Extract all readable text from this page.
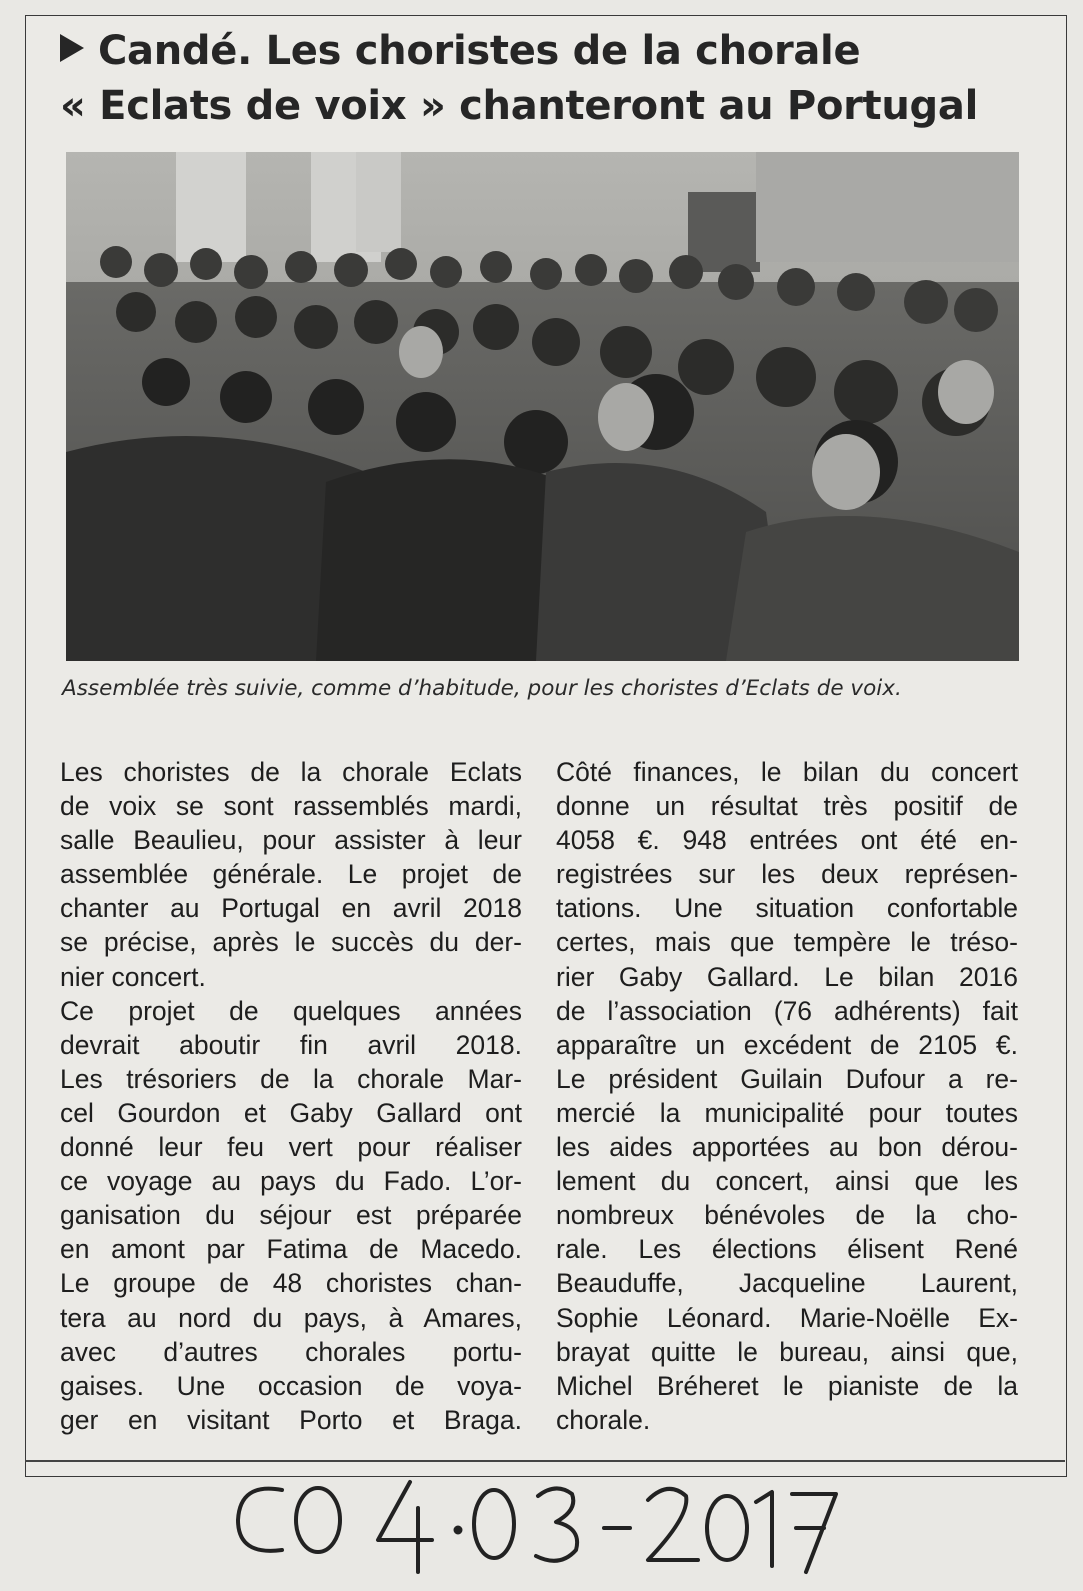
Candé. Les choristes de la chorale
« Eclats de voix » chanteront au Portugal
Assemblée très suivie, comme d’habitude, pour les choristes d’Eclats de voix.
Les choristes de la chorale Eclats
de voix se sont rassemblés mardi,
salle Beaulieu, pour assister à leur
assemblée générale. Le projet de
chanter au Portugal en avril 2018
se précise, après le succès du der-
nier concert.
Ce projet de quelques années
devrait aboutir fin avril 2018.
Les trésoriers de la chorale Mar-
cel Gourdon et Gaby Gallard ont
donné leur feu vert pour réaliser
ce voyage au pays du Fado. L’or-
ganisation du séjour est préparée
en amont par Fatima de Macedo.
Le groupe de 48 choristes chan-
tera au nord du pays, à Amares,
avec d’autres chorales portu-
gaises. Une occasion de voya-
ger en visitant Porto et Braga.
Côté finances, le bilan du concert
donne un résultat très positif de
4058 €. 948 entrées ont été en-
registrées sur les deux représen-
tations. Une situation confortable
certes, mais que tempère le tréso-
rier Gaby Gallard. Le bilan 2016
de l’association (76 adhérents) fait
apparaître un excédent de 2105 €.
Le président Guilain Dufour a re-
mercié la municipalité pour toutes
les aides apportées au bon dérou-
lement du concert, ainsi que les
nombreux bénévoles de la cho-
rale. Les élections élisent René
Beauduffe, Jacqueline Laurent,
Sophie Léonard. Marie-Noëlle Ex-
brayat quitte le bureau, ainsi que,
Michel Bréheret le pianiste de la
chorale.
